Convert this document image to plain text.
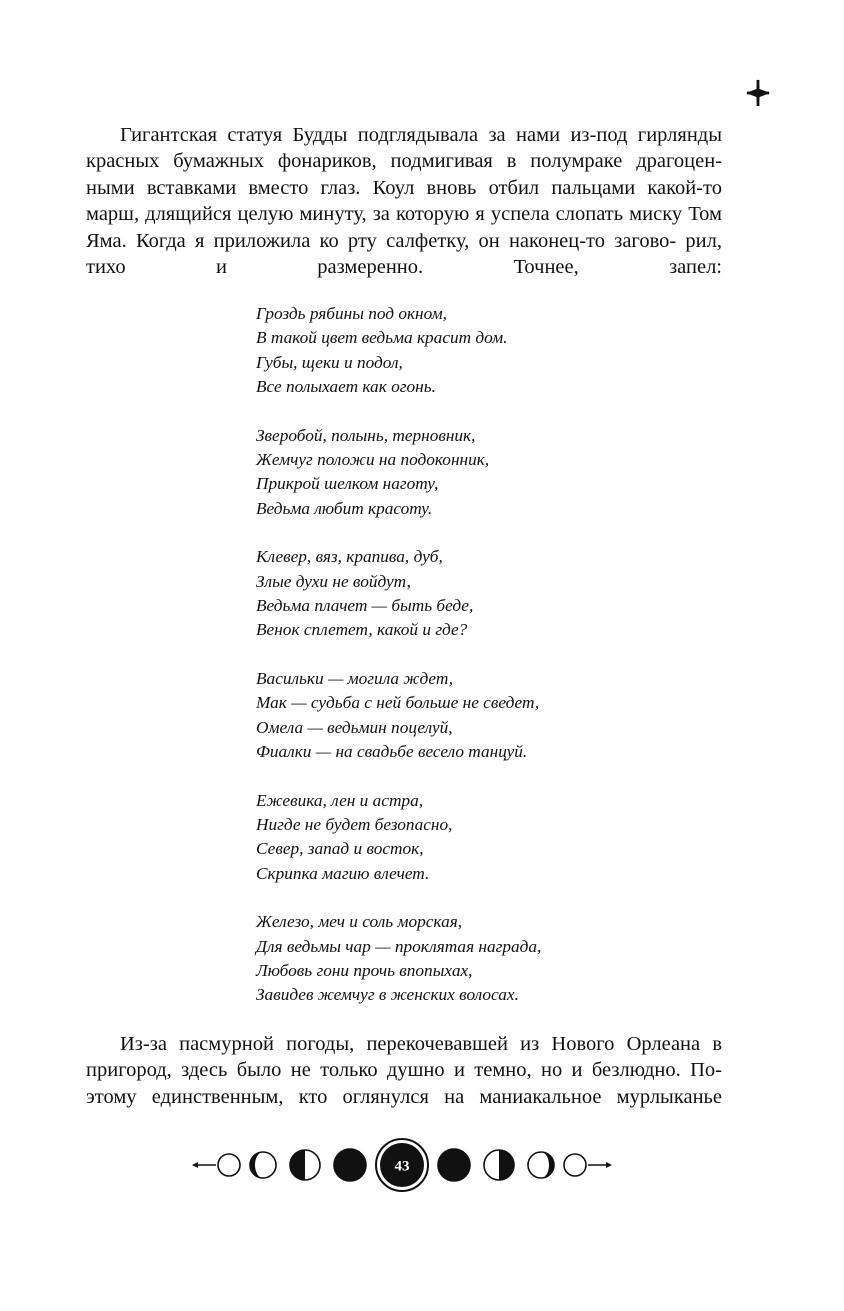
Гигантская статуя Будды подглядывала за нами из-под гирлянды красных бумажных фонариков, подмигивая в полумраке драгоцен- ными вставками вместо глаз. Коул вновь отбил пальцами какой-то марш, длящийся целую минуту, за которую я успела слопать миску Том Яма. Когда я приложила ко рту салфетку, он наконец-то загово- рил, тихо и размеренно. Точнее, запел:

Гроздь рябины под окном,
В такой цвет ведьма красит дом.
Губы, щеки и подол,
Все полыхает как огонь.
Зверобой, полынь, терновник,
Жемчуг положи на подоконник,
Прикрой шелком наготу,
Ведьма любит красоту.
Клевер, вяз, крапива, дуб,
Злые духи не войдут,
Ведьма плачет — быть беде,
Венок сплетет, какой и где?
Васильки — могила ждет,
Мак — судьба с ней больше не сведет,
Омела — ведьмин поцелуй,
Фиалки — на свадьбе весело танцуй.
Ежевика, лен и астра,
Нигде не будет безопасно,
Север, запад и восток,
Скрипка магию влечет.
Железо, меч и соль морская,
Для ведьмы чар — проклятая награда,
Любовь гони прочь впопыхах,
Завидев жемчуг в женских волосах.

Из-за пасмурной погоды, перекочевавшей из Нового Орлеана в пригород, здесь было не только душно и темно, но и безлюдно. По- этому единственным, кто оглянулся на маниакальное мурлыканье

43
